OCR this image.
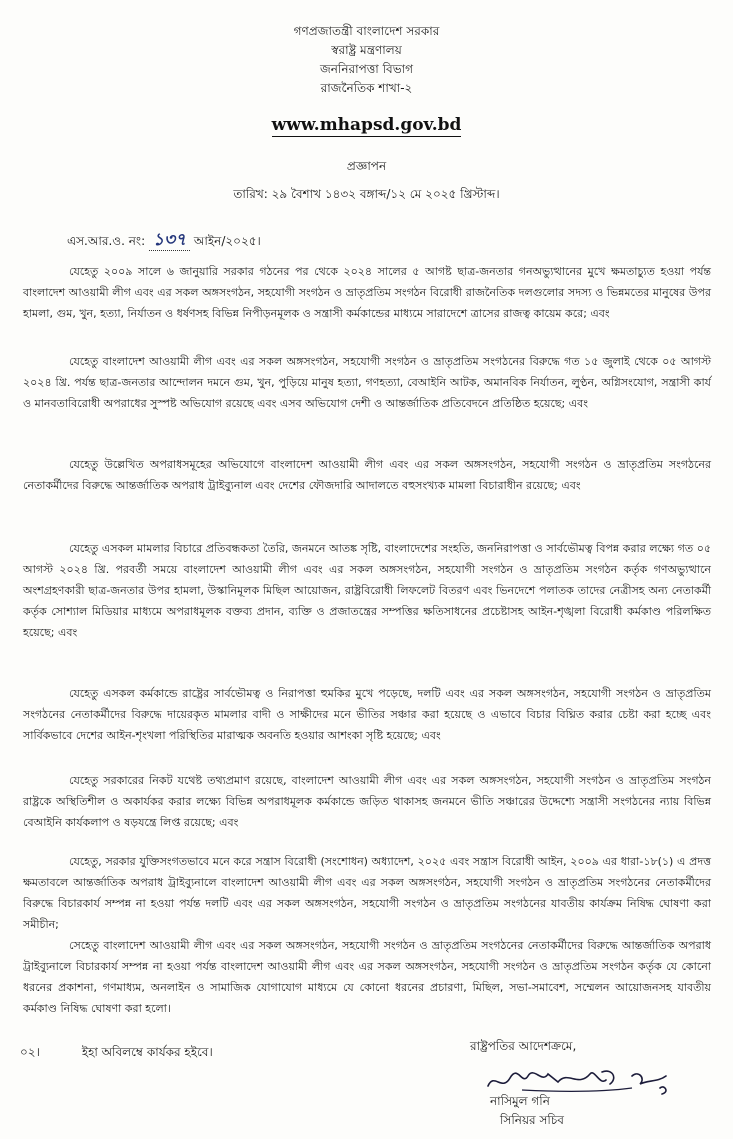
গণপ্রজাতন্ত্রী বাংলাদেশ সরকার
স্বরাষ্ট্র মন্ত্রণালয়
জননিরাপত্তা বিভাগ
রাজনৈতিক শাখা-২
www.mhapsd.gov.bd
প্রজ্ঞাপন
তারিখ: ২৯ বৈশাখ ১৪৩২ বঙ্গাব্দ/১২ মে ২০২৫ খ্রিস্টাব্দ।
এস.আর.ও. নং: ১৩৭ আইন/২০২৫।
যেহেতু ২০০৯ সালে ৬ জানুয়ারি সরকার গঠনের পর থেকে ২০২৪ সালের ৫ আগষ্ট ছাত্র-জনতার গনঅভ্যুত্থানের মুখে ক্ষমতাচ্যুত হওয়া পর্যন্ত বাংলাদেশ আওয়ামী লীগ এবং এর সকল অঙ্গসংগঠন, সহযোগী সংগঠন ও ভ্রাতৃপ্রতিম সংগঠন বিরোধী রাজনৈতিক দলগুলোর সদস্য ও ভিন্নমতের মানুষের উপর হামলা, গুম, খুন, হত্যা, নির্যাতন ও ধর্ষণসহ বিভিন্ন নিপীড়নমূলক ও সন্ত্রাসী কর্মকান্ডের মাধ্যমে সারাদেশে ত্রাসের রাজত্ব কায়েম করে; এবং
যেহেতু বাংলাদেশ আওয়ামী লীগ এবং এর সকল অঙ্গসংগঠন, সহযোগী সংগঠন ও ভ্রাতৃপ্রতিম সংগঠনের বিরুদ্ধে গত ১৫ জুলাই থেকে ০৫ আগস্ট ২০২৪ খ্রি. পর্যন্ত ছাত্র-জনতার আন্দোলন দমনে গুম, খুন, পুড়িয়ে মানুষ হত্যা, গণহত্যা, বেআইনি আটক, অমানবিক নির্যাতন, লুণ্ঠন, অগ্নিসংযোগ, সন্ত্রাসী কার্য ও মানবতাবিরোধী অপরাধের সুস্পষ্ট অভিযোগ রয়েছে এবং এসব অভিযোগ দেশী ও আন্তর্জাতিক প্রতিবেদনে প্রতিষ্ঠিত হয়েছে; এবং
যেহেতু উল্লেখিত অপরাধসমূহের অভিযোগে বাংলাদেশ আওয়ামী লীগ এবং এর সকল অঙ্গসংগঠন, সহযোগী সংগঠন ও ভ্রাতৃপ্রতিম সংগঠনের নেতাকর্মীদের বিরুদ্ধে আন্তর্জাতিক অপরাধ ট্রাইব্যুনাল এবং দেশের ফৌজদারি আদালতে বহুসংখ্যক মামলা বিচারাধীন রয়েছে; এবং
যেহেতু এসকল মামলার বিচারে প্রতিবন্ধকতা তৈরি, জনমনে আতঙ্ক সৃষ্টি, বাংলাদেশের সংহতি, জননিরাপত্তা ও সার্বভৌমত্ব বিপন্ন করার লক্ষ্যে গত ০৫ আগস্ট ২০২৪ খ্রি. পরবর্তী সময়ে বাংলাদেশ আওয়ামী লীগ এবং এর সকল অঙ্গসংগঠন, সহযোগী সংগঠন ও ভ্রাতৃপ্রতিম সংগঠন কর্তৃক গণঅভ্যুত্থানে অংশগ্রহণকারী ছাত্র-জনতার উপর হামলা, উস্কানিমূলক মিছিল আয়োজন, রাষ্ট্রবিরোধী লিফলেট বিতরণ এবং ভিনদেশে পলাতক তাদের নেত্রীসহ অন্য নেতাকর্মী কর্তৃক সোশ্যাল মিডিয়ার মাধ্যমে অপরাধমূলক বক্তব্য প্রদান, ব্যক্তি ও প্রজাতন্ত্রের সম্পত্তির ক্ষতিসাধনের প্রচেষ্টাসহ আইন-শৃঙ্খলা বিরোধী কর্মকাণ্ড পরিলক্ষিত হয়েছে; এবং
যেহেতু এসকল কর্মকান্ডে রাষ্ট্রের সার্বভৌমত্ব ও নিরাপত্তা হুমকির মুখে পড়েছে, দলটি এবং এর সকল অঙ্গসংগঠন, সহযোগী সংগঠন ও ভ্রাতৃপ্রতিম সংগঠনের নেতাকর্মীদের বিরুদ্ধে দায়েরকৃত মামলার বাদী ও সাক্ষীদের মনে ভীতির সঞ্চার করা হয়েছে ও এভাবে বিচার বিঘ্নিত করার চেষ্টা করা হচ্ছে এবং সার্বিকভাবে দেশের আইন-শৃংখলা পরিস্থিতির মারাত্মক অবনতি হওয়ার আশংকা সৃষ্টি হয়েছে; এবং
যেহেতু সরকারের নিকট যথেষ্ট তথ্যপ্রমাণ রয়েছে, বাংলাদেশ আওয়ামী লীগ এবং এর সকল অঙ্গসংগঠন, সহযোগী সংগঠন ও ভ্রাতৃপ্রতিম সংগঠন রাষ্ট্রকে অস্থিতিশীল ও অকার্যকর করার লক্ষ্যে বিভিন্ন অপরাধমূলক কর্মকান্ডে জড়িত থাকাসহ জনমনে ভীতি সঞ্চারের উদ্দেশ্যে সন্ত্রাসী সংগঠনের ন্যায় বিভিন্ন বেআইনি কার্যকলাপ ও ষড়যন্ত্রে লিপ্ত রয়েছে; এবং
যেহেতু, সরকার যুক্তিসংগতভাবে মনে করে সন্ত্রাস বিরোধী (সংশোধন) অধ্যাদেশ, ২০২৫ এবং সন্ত্রাস বিরোধী আইন, ২০০৯ এর ধারা-১৮(১) এ প্রদত্ত ক্ষমতাবলে আন্তর্জাতিক অপরাধ ট্রাইব্যুনালে বাংলাদেশ আওয়ামী লীগ এবং এর সকল অঙ্গসংগঠন, সহযোগী সংগঠন ও ভ্রাতৃপ্রতিম সংগঠনের নেতাকর্মীদের বিরুদ্ধে বিচারকার্য সম্পন্ন না হওয়া পর্যন্ত দলটি এবং এর সকল অঙ্গসংগঠন, সহযোগী সংগঠন ও ভ্রাতৃপ্রতিম সংগঠনের যাবতীয় কার্যক্রম নিষিদ্ধ ঘোষণা করা সমীচীন;
সেহেতু বাংলাদেশ আওয়ামী লীগ এবং এর সকল অঙ্গসংগঠন, সহযোগী সংগঠন ও ভ্রাতৃপ্রতিম সংগঠনের নেতাকর্মীদের বিরুদ্ধে আন্তর্জাতিক অপরাধ ট্রাইব্যুনালে বিচারকার্য সম্পন্ন না হওয়া পর্যন্ত বাংলাদেশ আওয়ামী লীগ এবং এর সকল অঙ্গসংগঠন, সহযোগী সংগঠন ও ভ্রাতৃপ্রতিম সংগঠন কর্তৃক যে কোনো ধরনের প্রকাশনা, গণমাধ্যম, অনলাইন ও সামাজিক যোগাযোগ মাধ্যমে যে কোনো ধরনের প্রচারণা, মিছিল, সভা-সমাবেশ, সম্মেলন আয়োজনসহ যাবতীয় কর্মকাণ্ড নিষিদ্ধ ঘোষণা করা হলো।
০২।	ইহা অবিলম্বে কার্যকর হইবে।	রাষ্ট্রপতির আদেশক্রমে,
নাসিমুল গনি
সিনিয়র সচিব
